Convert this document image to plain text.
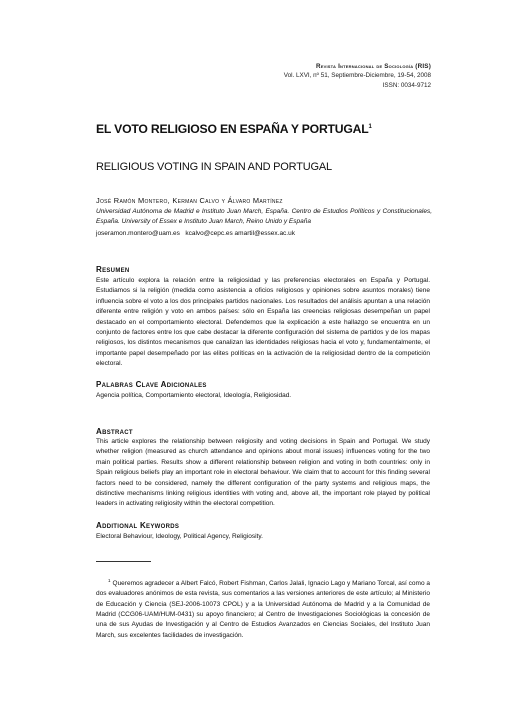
Revista Internacional de Sociología (RIS)
Vol. LXVI, nº 51, Septiembre-Diciembre, 19-54, 2008
ISSN: 0034-9712
EL VOTO RELIGIOSO EN ESPAÑA Y PORTUGAL$^1$
RELIGIOUS VOTING IN SPAIN AND PORTUGAL
José Ramón Montero, Kerman Calvo y Álvaro Martínez
Universidad Autónoma de Madrid e Instituto Juan March, España. Centro de Estudios Políticos y Constitucionales, España. University of Essex e Instituto Juan March, Reino Unido y España
joseramon.montero@uam.es   kcalvo@cepc.es amartil@essex.ac.uk
Resumen
Este artículo explora la relación entre la religiosidad y las preferencias electorales en España y Portugal. Estudiamos si la religión (medida como asistencia a oficios religiosos y opiniones sobre asuntos morales) tiene influencia sobre el voto a los dos principales partidos nacionales. Los resultados del análisis apuntan a una relación diferente entre religión y voto en ambos países: sólo en España las creencias religiosas desempeñan un papel destacado en el comportamiento electoral. Defendemos que la explicación a este hallazgo se encuentra en un conjunto de factores entre los que cabe destacar la diferente configuración del sistema de partidos y de los mapas religiosos, los distintos mecanismos que canalizan las identidades religiosas hacia el voto y, fundamentalmente, el importante papel desempeñado por las elites políticas en la activación de la religiosidad dentro de la competición electoral.
Palabras Clave Adicionales
Agencia política, Comportamiento electoral, Ideología, Religiosidad.
Abstract
This article explores the relationship between religiosity and voting decisions in Spain and Portugal. We study whether religion (measured as church attendance and opinions about moral issues) influences voting for the two main political parties. Results show a different relationship between religion and voting in both countries: only in Spain religious beliefs play an important role in electoral behaviour. We claim that to account for this finding several factors need to be considered, namely the different configuration of the party systems and religious maps, the distinctive mechanisms linking religious identities with voting and, above all, the important role played by political leaders in activating religiosity within the electoral competition.
Additional Keywords
Electoral Behaviour, Ideology, Political Agency, Religiosity.
$^1$ Queremos agradecer a Albert Falcó, Robert Fishman, Carlos Jalali, Ignacio Lago y Mariano Torcal, así como a dos evaluadores anónimos de esta revista, sus comentarios a las versiones anteriores de este artículo; al Ministerio de Educación y Ciencia (SEJ-2006-10073 CPOL) y a la Universidad Autónoma de Madrid y a la Comunidad de Madrid (CCG06-UAM/HUM-0431) su apoyo financiero; al Centro de Investigaciones Sociológicas la concesión de una de sus Ayudas de Investigación y al Centro de Estudios Avanzados en Ciencias Sociales, del Instituto Juan March, sus excelentes facilidades de investigación.
